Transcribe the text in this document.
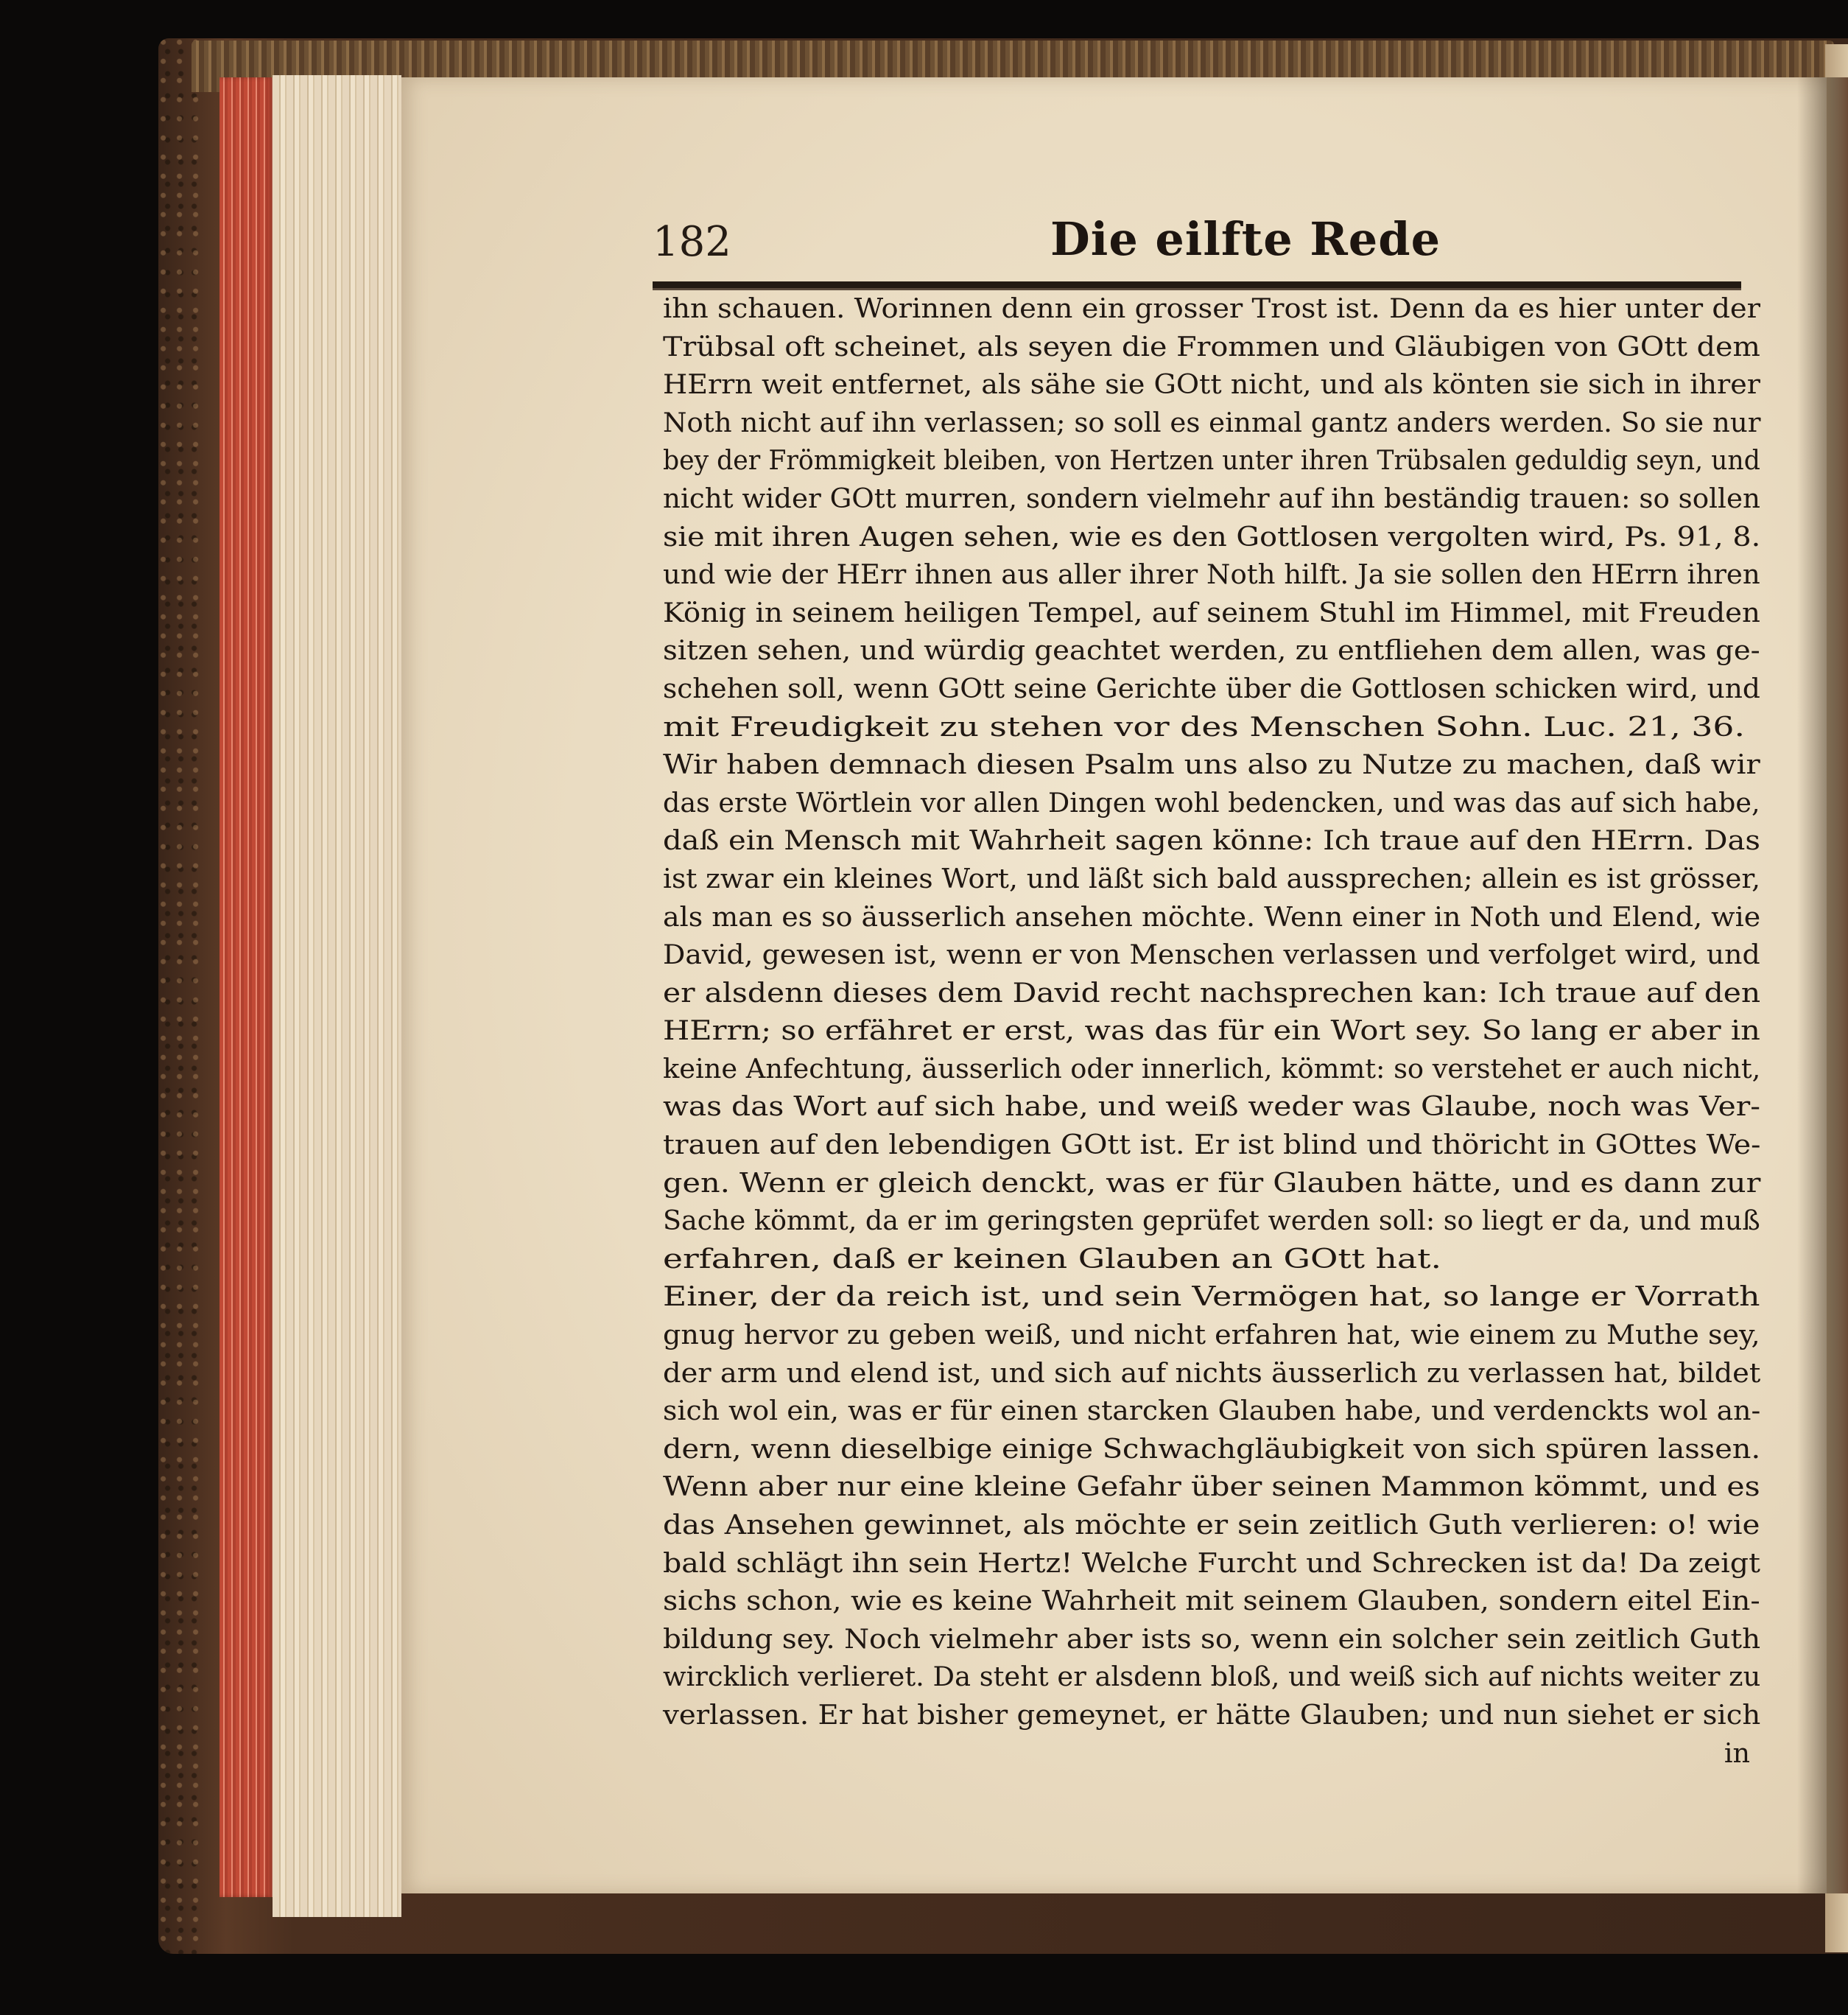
182	Die eilfte Rede
ihn schauen. Worinnen denn ein grosser Trost ist. Denn da es hier unter der
Trübsal oft scheinet, als seyen die Frommen und Gläubigen von GOtt dem
HErrn weit entfernet, als sähe sie GOtt nicht, und als könten sie sich in ihrer
Noth nicht auf ihn verlassen; so soll es einmal gantz anders werden. So sie nur
bey der Frömmigkeit bleiben, von Hertzen unter ihren Trübsalen geduldig seyn, und
nicht wider GOtt murren, sondern vielmehr auf ihn beständig trauen: so sollen
sie mit ihren Augen sehen, wie es den Gottlosen vergolten wird, Ps. 91, 8.
und wie der HErr ihnen aus aller ihrer Noth hilft. Ja sie sollen den HErrn ihren
König in seinem heiligen Tempel, auf seinem Stuhl im Himmel, mit Freuden
sitzen sehen, und würdig geachtet werden, zu entfliehen dem allen, was ge-
schehen soll, wenn GOtt seine Gerichte über die Gottlosen schicken wird, und
mit Freudigkeit zu stehen vor des Menschen Sohn. Luc. 21, 36.
Wir haben demnach diesen Psalm uns also zu Nutze zu machen, daß wir
das erste Wörtlein vor allen Dingen wohl bedencken, und was das auf sich habe,
daß ein Mensch mit Wahrheit sagen könne: Ich traue auf den HErrn. Das
ist zwar ein kleines Wort, und läßt sich bald aussprechen; allein es ist grösser,
als man es so äusserlich ansehen möchte. Wenn einer in Noth und Elend, wie
David, gewesen ist, wenn er von Menschen verlassen und verfolget wird, und
er alsdenn dieses dem David recht nachsprechen kan: Ich traue auf den
HErrn; so erfähret er erst, was das für ein Wort sey. So lang er aber in
keine Anfechtung, äusserlich oder innerlich, kömmt: so verstehet er auch nicht,
was das Wort auf sich habe, und weiß weder was Glaube, noch was Ver-
trauen auf den lebendigen GOtt ist. Er ist blind und thöricht in GOttes We-
gen. Wenn er gleich denckt, was er für Glauben hätte, und es dann zur
Sache kömmt, da er im geringsten geprüfet werden soll: so liegt er da, und muß
erfahren, daß er keinen Glauben an GOtt hat.
Einer, der da reich ist, und sein Vermögen hat, so lange er Vorrath
gnug hervor zu geben weiß, und nicht erfahren hat, wie einem zu Muthe sey,
der arm und elend ist, und sich auf nichts äusserlich zu verlassen hat, bildet
sich wol ein, was er für einen starcken Glauben habe, und verdenckts wol an-
dern, wenn dieselbige einige Schwachgläubigkeit von sich spüren lassen.
Wenn aber nur eine kleine Gefahr über seinen Mammon kömmt, und es
das Ansehen gewinnet, als möchte er sein zeitlich Guth verlieren: o! wie
bald schlägt ihn sein Hertz! Welche Furcht und Schrecken ist da! Da zeigt
sichs schon, wie es keine Wahrheit mit seinem Glauben, sondern eitel Ein-
bildung sey. Noch vielmehr aber ists so, wenn ein solcher sein zeitlich Guth
wircklich verlieret. Da steht er alsdenn bloß, und weiß sich auf nichts weiter zu
verlassen. Er hat bisher gemeynet, er hätte Glauben; und nun siehet er sich
in
